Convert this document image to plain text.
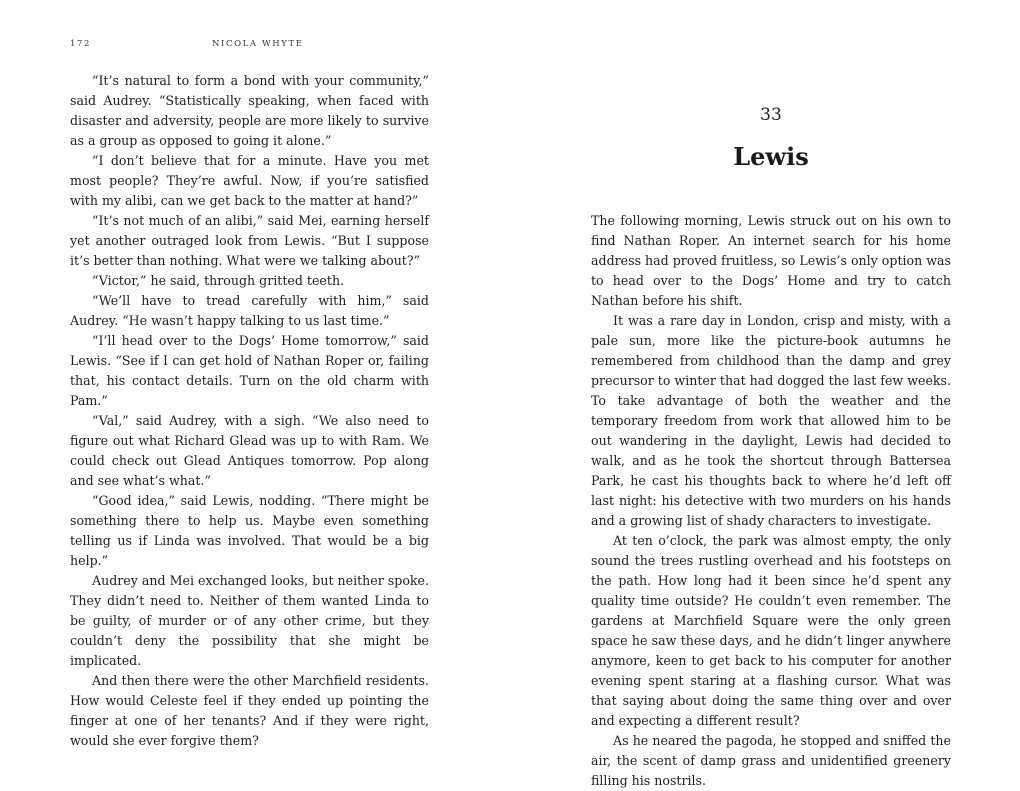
172	NICOLA WHYTE

“It’s natural to form a bond with your community,” said Audrey. “Statistically speaking, when faced with disaster and adversity, people are more likely to survive as a group as opposed to going it alone.”

“I don’t believe that for a minute. Have you met most people? They’re awful. Now, if you’re satisfied with my alibi, can we get back to the matter at hand?”

“It’s not much of an alibi,” said Mei, earning herself yet another outraged look from Lewis. “But I suppose it’s better than nothing. What were we talking about?”

“Victor,” he said, through gritted teeth.

“We’ll have to tread carefully with him,” said Audrey. “He wasn’t happy talking to us last time.”

“I’ll head over to the Dogs’ Home tomorrow,” said Lewis. “See if I can get hold of Nathan Roper or, failing that, his contact details. Turn on the old charm with Pam.”

“Val,” said Audrey, with a sigh. “We also need to figure out what Richard Glead was up to with Ram. We could check out Glead Antiques tomorrow. Pop along and see what’s what.”

“Good idea,” said Lewis, nodding. “There might be something there to help us. Maybe even something telling us if Linda was involved. That would be a big help.”

Audrey and Mei exchanged looks, but neither spoke. They didn’t need to. Neither of them wanted Linda to be guilty, of murder or of any other crime, but they couldn’t deny the possibility that she might be implicated.

And then there were the other Marchfield residents. How would Celeste feel if they ended up pointing the finger at one of her tenants? And if they were right, would she ever forgive them?

33
Lewis

The following morning, Lewis struck out on his own to find Nathan Roper. An internet search for his home address had proved fruitless, so Lewis’s only option was to head over to the Dogs’ Home and try to catch Nathan before his shift.

It was a rare day in London, crisp and misty, with a pale sun, more like the picture-book autumns he remembered from childhood than the damp and grey precursor to winter that had dogged the last few weeks. To take advantage of both the weather and the temporary freedom from work that allowed him to be out wandering in the daylight, Lewis had decided to walk, and as he took the shortcut through Battersea Park, he cast his thoughts back to where he’d left off last night: his detective with two murders on his hands and a growing list of shady characters to investigate.

At ten o’clock, the park was almost empty, the only sound the trees rustling overhead and his footsteps on the path. How long had it been since he’d spent any quality time outside? He couldn’t even remember. The gardens at Marchfield Square were the only green space he saw these days, and he didn’t linger anywhere anymore, keen to get back to his computer for another evening spent staring at a flashing cursor. What was that saying about doing the same thing over and over and expecting a different result?

As he neared the pagoda, he stopped and sniffed the air, the scent of damp grass and unidentified greenery filling his nostrils.
